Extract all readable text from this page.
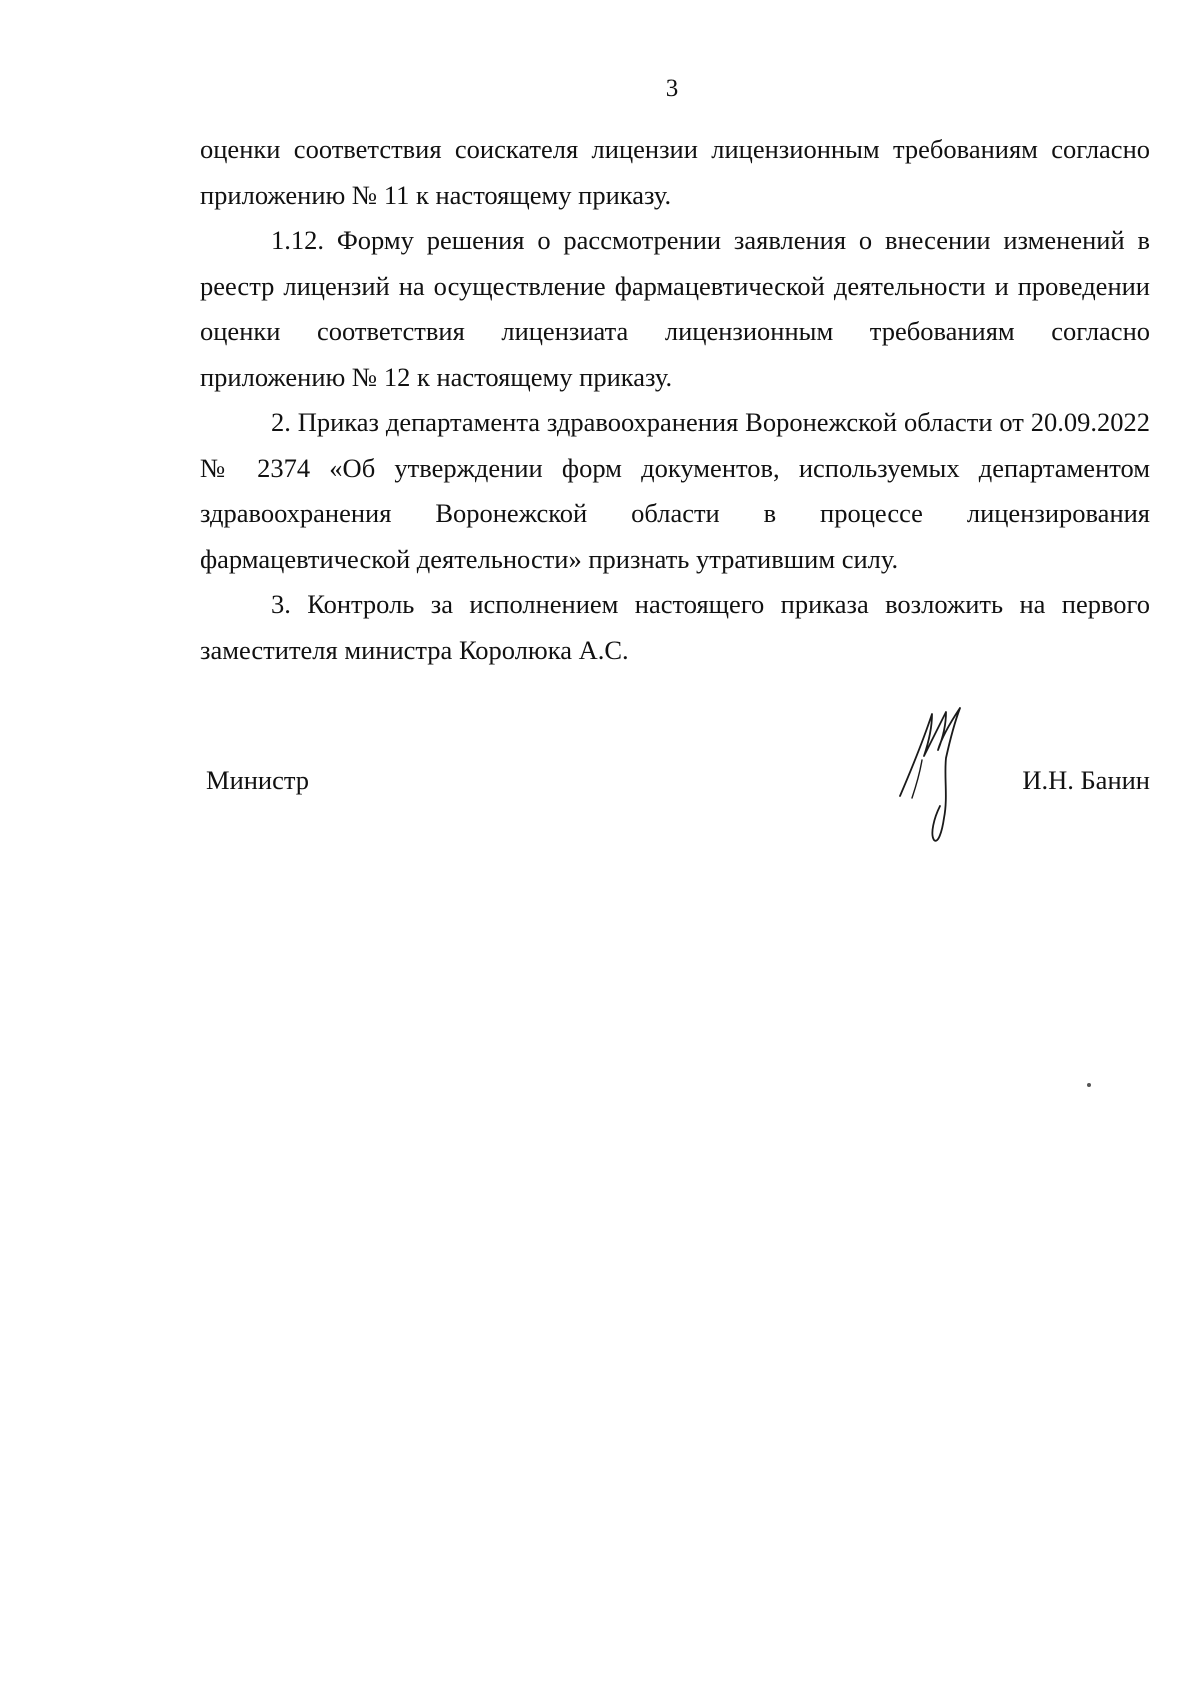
3

оценки соответствия соискателя лицензии лицензионным требованиям согласно приложению № 11 к настоящему приказу.

1.12. Форму решения о рассмотрении заявления о внесении изменений в реестр лицензий на осуществление фармацевтической деятельности и проведении оценки соответствия лицензиата лицензионным требованиям согласно приложению № 12 к настоящему приказу.

2. Приказ департамента здравоохранения Воронежской области от 20.09.2022 № 2374 «Об утверждении форм документов, используемых департаментом здравоохранения Воронежской области в процессе лицензирования фармацевтической деятельности» признать утратившим силу.

3. Контроль за исполнением настоящего приказа возложить на первого заместителя министра Королюка А.С.

Министр	И.Н. Банин
